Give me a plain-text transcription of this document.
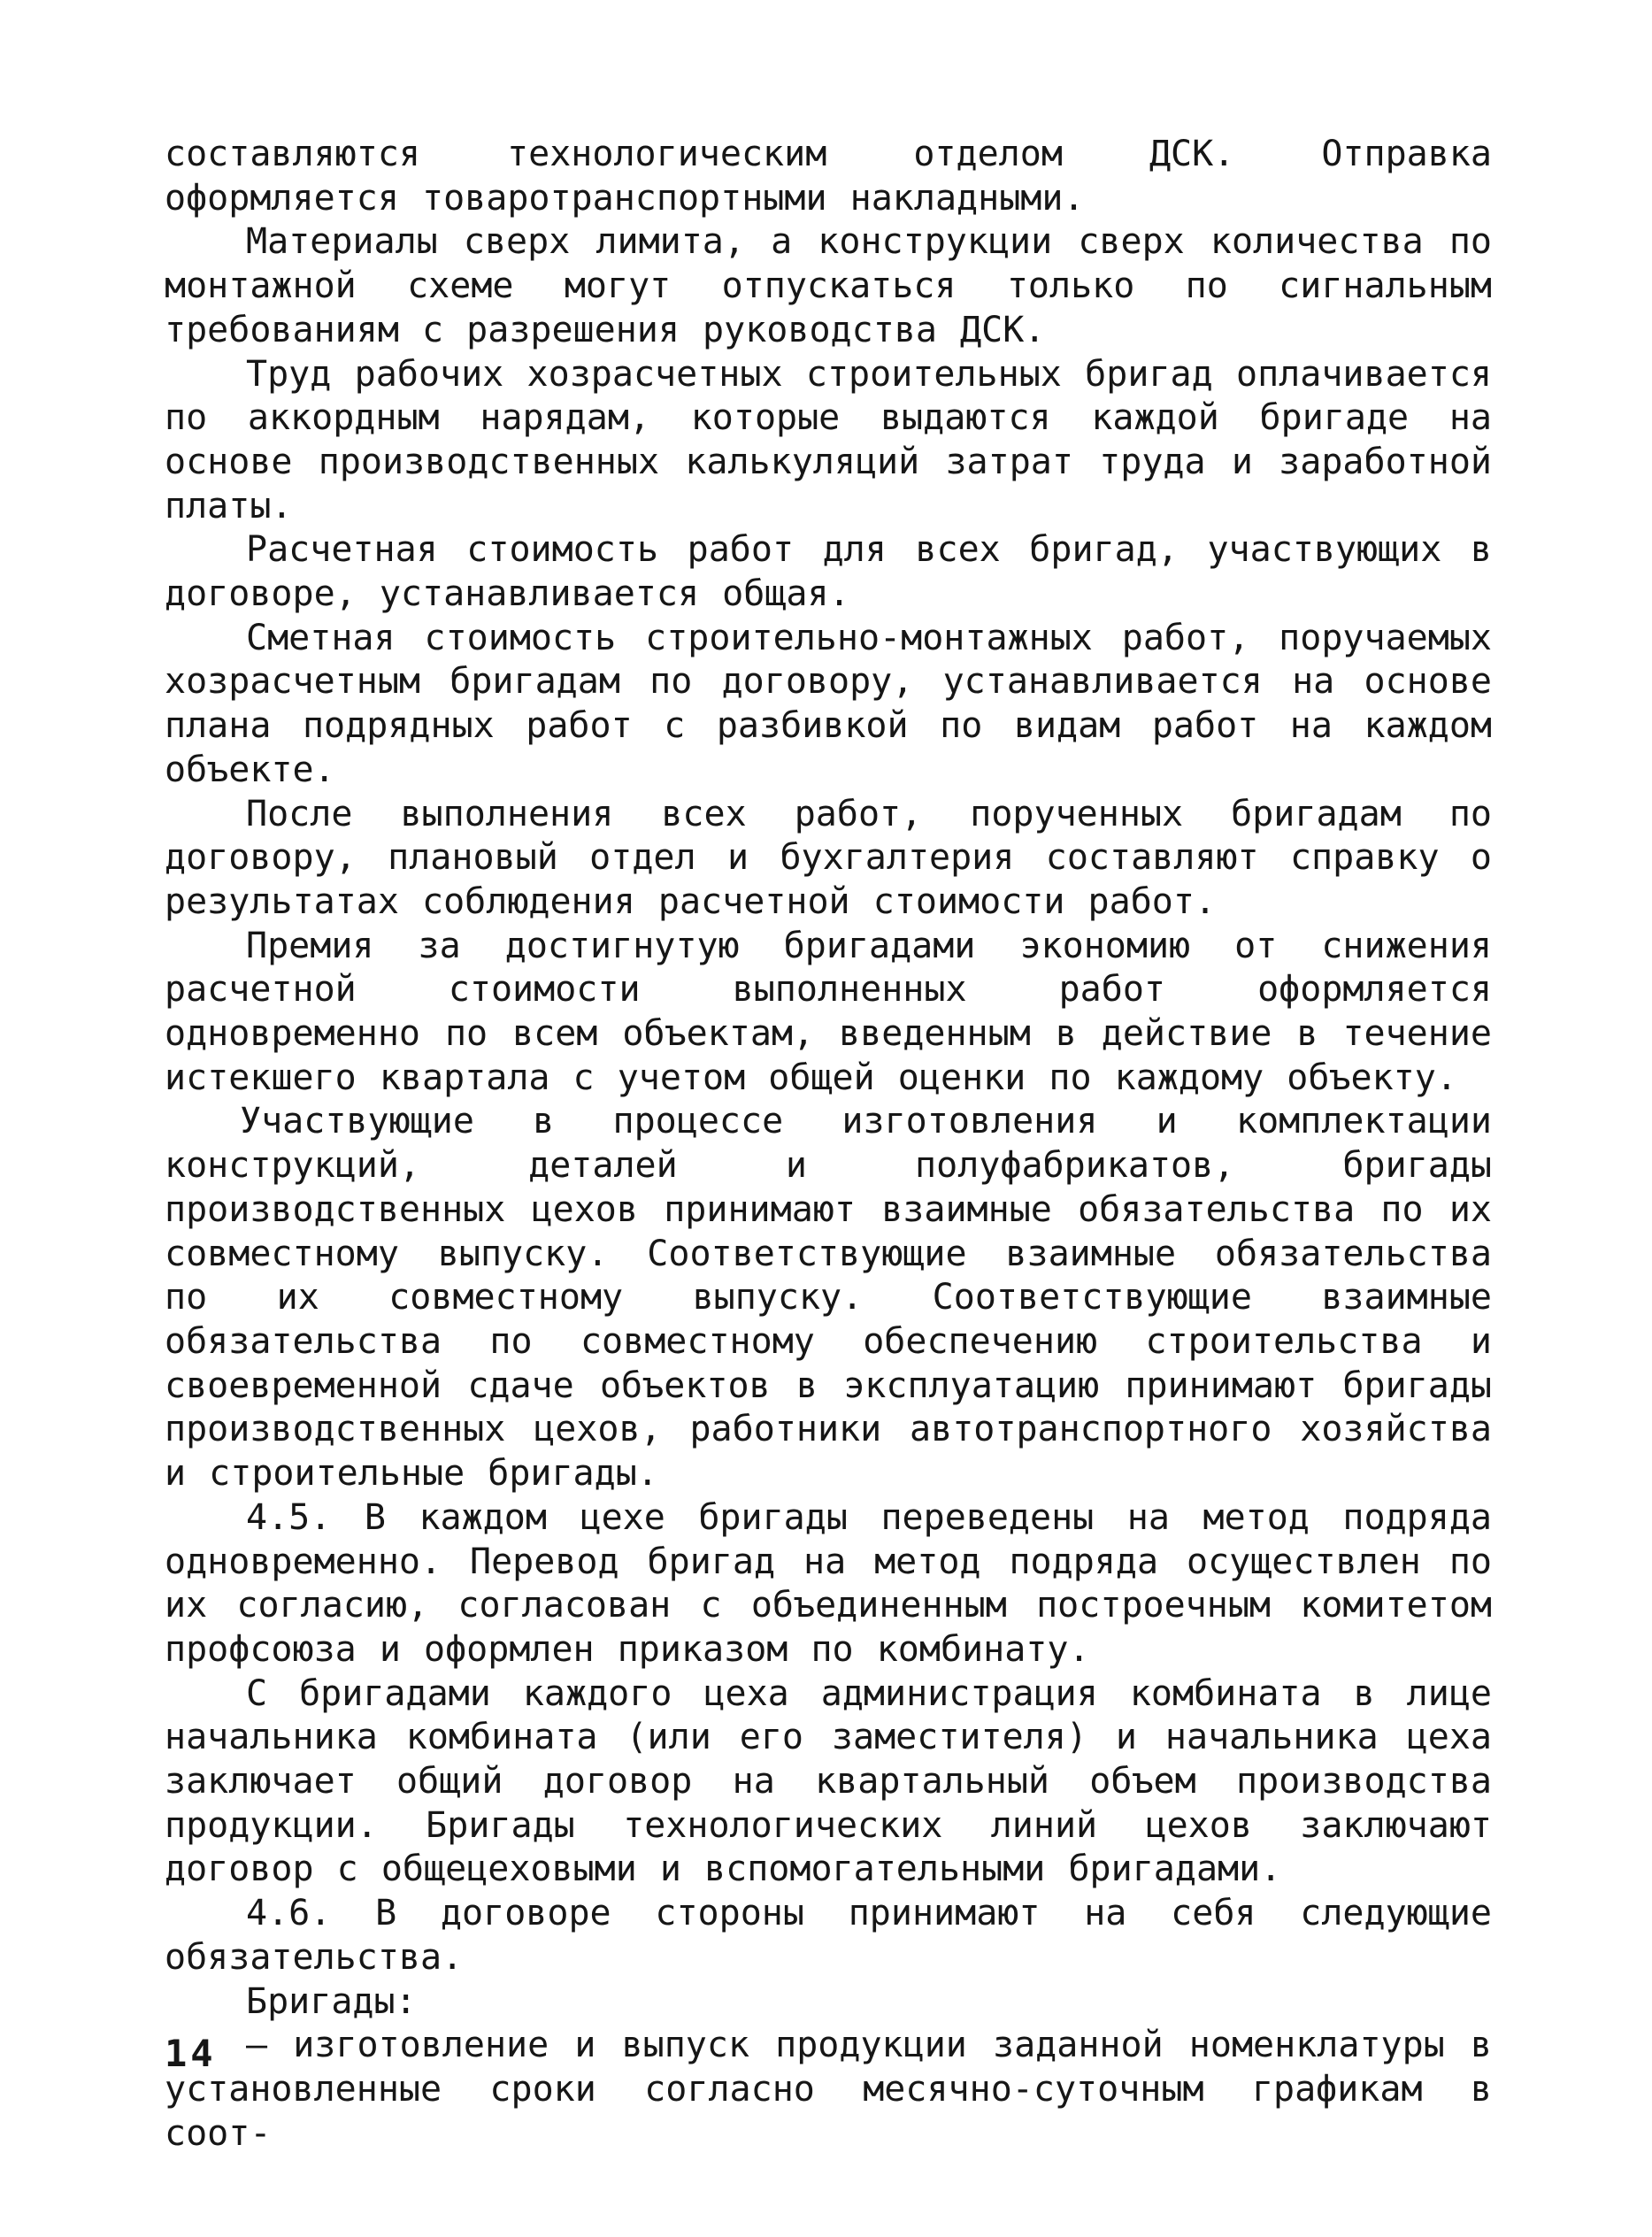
составляются технологическим отделом ДСК. Отправка оформляется товаротранспортными накладными.

Материалы сверх лимита, а конструкции сверх количества по монтажной схеме могут отпускаться только по сигнальным требованиям с разрешения руководства ДСК.

Труд рабочих хозрасчетных строительных бригад оплачивается по аккордным нарядам, которые выдаются каждой бригаде на основе производственных калькуляций затрат труда и заработной платы.

Расчетная стоимость работ для всех бригад, участвующих в договоре, устанавливается общая.

Сметная стоимость строительно-монтажных работ, поручаемых хозрасчетным бригадам по договору, устанавливается на основе плана подрядных работ с разбивкой по видам работ на каждом объекте.

После выполнения всех работ, порученных бригадам по договору, плановый отдел и бухгалтерия составляют справку о результатах соблюдения расчетной стоимости работ.

Премия за достигнутую бригадами экономию от снижения расчетной стоимости выполненных работ оформляется одновременно по всем объектам, введенным в действие в течение истекшего квартала с учетом общей оценки по каждому объекту.

Участвующие в процессе изготовления и комплектации конструкций, деталей и полуфабрикатов, бригады производственных цехов принимают взаимные обязательства по их совместному выпуску. Соответствующие взаимные обязательства по их совместному выпуску. Соответствующие взаимные обязательства по совместному обеспечению строительства и своевременной сдаче объектов в эксплуатацию принимают бригады производственных цехов, работники автотранспортного хозяйства и строительные бригады.

4.5. В каждом цехе бригады переведены на метод подряда одновременно. Перевод бригад на метод подряда осуществлен по их согласию, согласован с объединенным построечным комитетом профсоюза и оформлен приказом по комбинату.

С бригадами каждого цеха администрация комбината в лице начальника комбината (или его заместителя) и начальника цеха заключает общий договор на квартальный объем производства продукции. Бригады технологических линий цехов заключают договор с общецеховыми и вспомогательными бригадами.

4.6. В договоре стороны принимают на себя следующие обязательства.

Бригады:

– изготовление и выпуск продукции заданной номенклатуры в установленные сроки согласно месячно-суточным графикам в соот-

14
